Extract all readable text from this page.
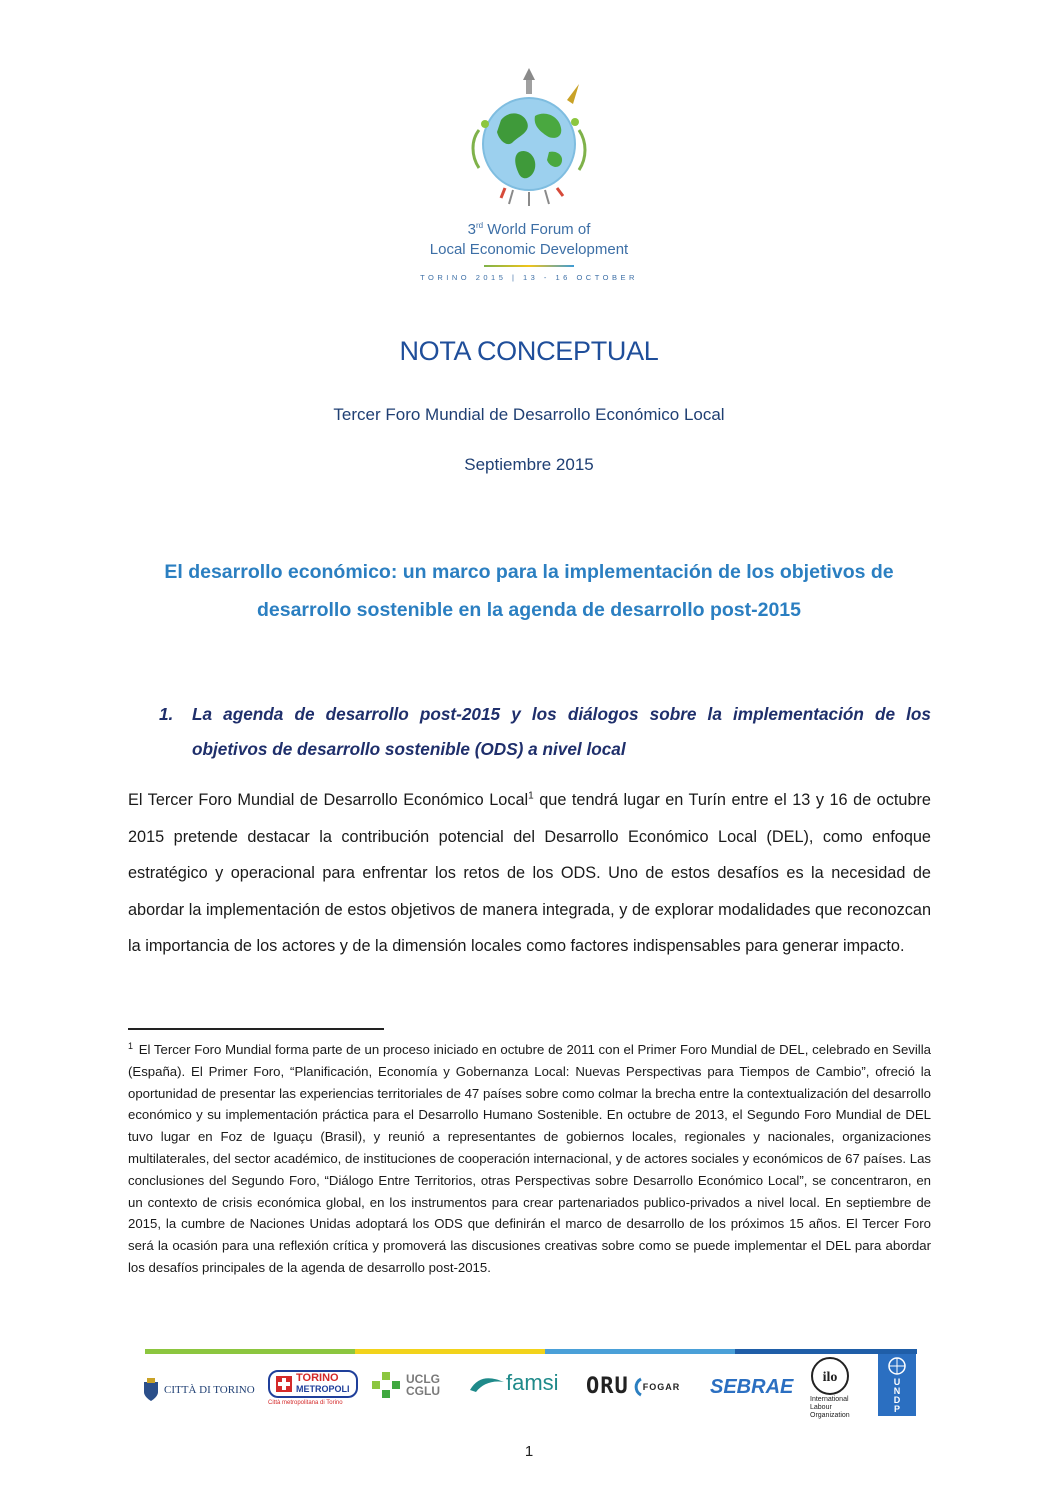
3rd World Forum of
Local Economic Development
TORINO 2015 | 13 - 16 OCTOBER
NOTA CONCEPTUAL
Tercer Foro Mundial de Desarrollo Económico Local
Septiembre 2015
El desarrollo económico: un marco para la implementación de los objetivos de desarrollo sostenible en la agenda de desarrollo post-2015
1. La agenda de desarrollo post-2015 y los diálogos sobre la implementación de los objetivos de desarrollo sostenible (ODS) a nivel local
El Tercer Foro Mundial de Desarrollo Económico Local$^1$ que tendrá lugar en Turín entre el 13 y 16 de octubre 2015 pretende destacar la contribución potencial del Desarrollo Económico Local (DEL), como enfoque estratégico y operacional para enfrentar los retos de los ODS. Uno de estos desafíos es la necesidad de abordar la implementación de estos objetivos de manera integrada, y de explorar modalidades que reconozcan la importancia de los actores y de la dimensión locales como factores indispensables para generar impacto.
$^1$ El Tercer Foro Mundial forma parte de un proceso iniciado en octubre de 2011 con el Primer Foro Mundial de DEL, celebrado en Sevilla (España). El Primer Foro, “Planificación, Economía y Gobernanza Local: Nuevas Perspectivas para Tiempos de Cambio”, ofreció la oportunidad de presentar las experiencias territoriales de 47 países sobre como colmar la brecha entre la contextualización del desarrollo económico y su implementación práctica para el Desarrollo Humano Sostenible. En octubre de 2013, el Segundo Foro Mundial de DEL tuvo lugar en Foz de Iguaçu (Brasil), y reunió a representantes de gobiernos locales, regionales y nacionales, organizaciones multilaterales, del sector académico, de instituciones de cooperación internacional, y de actores sociales y económicos de 67 países. Las conclusiones del Segundo Foro, “Diálogo Entre Territorios, otras Perspectivas sobre Desarrollo Económico Local”, se concentraron, en un contexto de crisis económica global, en los instrumentos para crear partenariados publico-privados a nivel local. En septiembre de 2015, la cumbre de Naciones Unidas adoptará los ODS que definirán el marco de desarrollo de los próximos 15 años. El Tercer Foro será la ocasión para una reflexión crítica y promoverá las discusiones creativas sobre como se puede implementar el DEL para abordar los desafíos principales de la agenda de desarrollo post-2015.
CITTÀ DI TORINO
TORINO
METROPOLI
Città metropolitana di Torino
UCLG
CGLU	famsi ORU FOGAR SEBRAE ilo
International
Labour
Organization
UNDP
1
